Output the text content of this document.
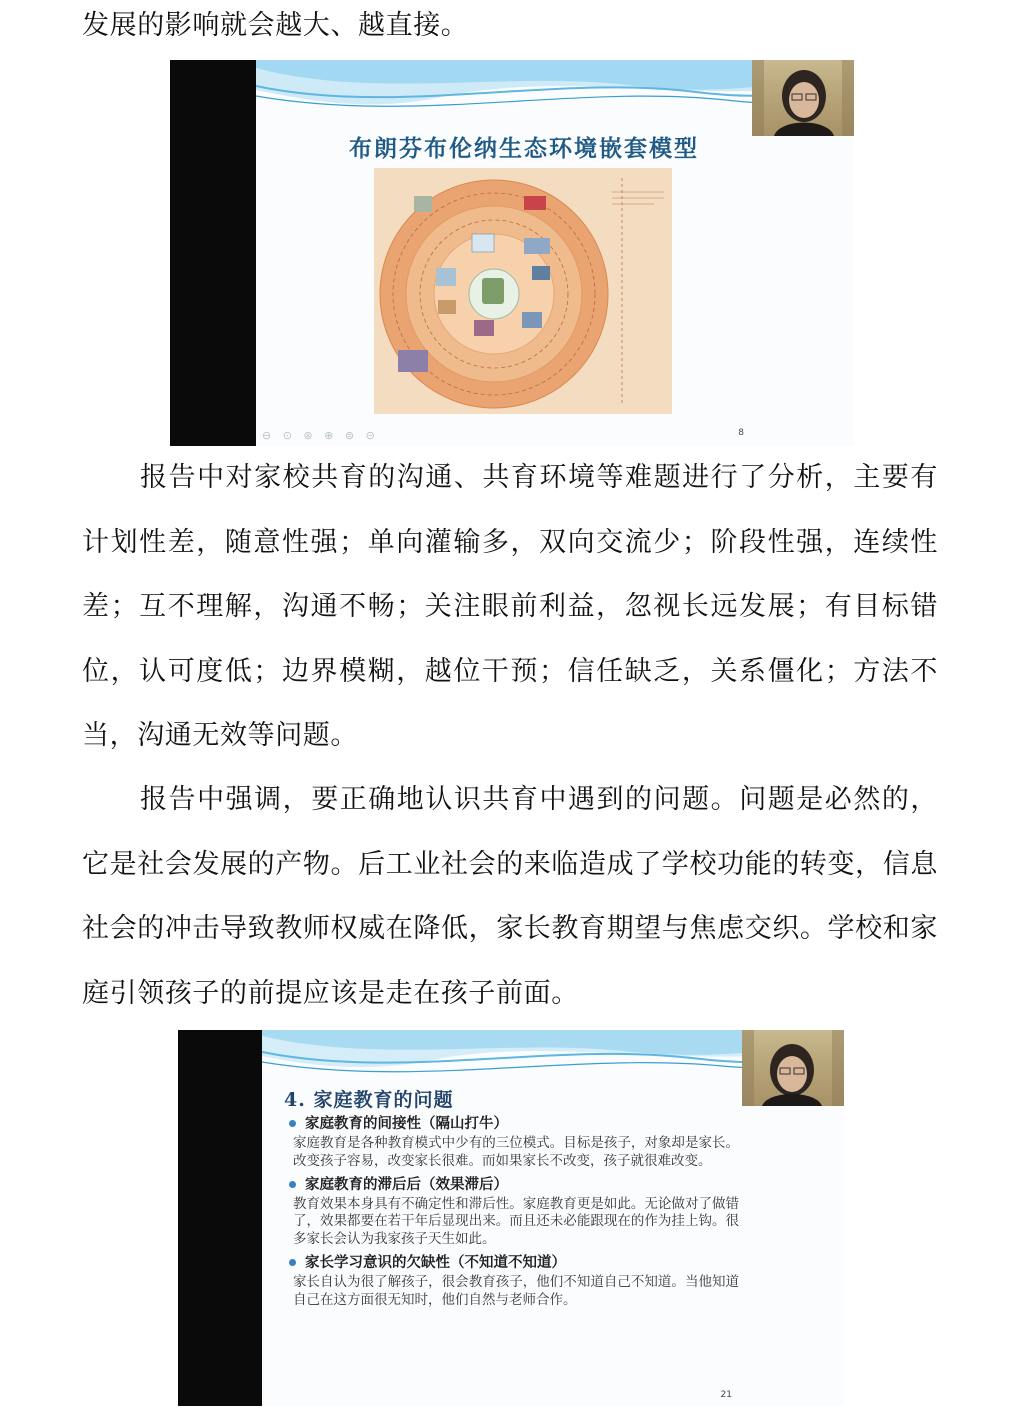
发展的影响就会越大、越直接。

布朗芬布伦纳生态环境嵌套模型
⊖ ⊙ ⊛ ⊕ ⊜ ⊝	8

报告中对家校共育的沟通、共育环境等难题进行了分析，主要有计划性差，随意性强；单向灌输多，双向交流少；阶段性强，连续性差；互不理解，沟通不畅；关注眼前利益，忽视长远发展；有目标错位，认可度低；边界模糊，越位干预；信任缺乏，关系僵化；方法不当，沟通无效等问题。

报告中强调，要正确地认识共育中遇到的问题。问题是必然的，它是社会发展的产物。后工业社会的来临造成了学校功能的转变，信息社会的冲击导致教师权威在降低，家长教育期望与焦虑交织。学校和家庭引领孩子的前提应该是走在孩子前面。

4. 家庭教育的问题
家庭教育的间接性（隔山打牛）
家庭教育是各种教育模式中少有的三位模式。目标是孩子，对象却是家长。改变孩子容易，改变家长很难。而如果家长不改变，孩子就很难改变。
家庭教育的滞后后（效果滞后）
教育效果本身具有不确定性和滞后性。家庭教育更是如此。无论做对了做错了，效果都要在若干年后显现出来。而且还未必能跟现在的作为挂上钩。很多家长会认为我家孩子天生如此。
家长学习意识的欠缺性（不知道不知道）
家长自认为很了解孩子，很会教育孩子，他们不知道自己不知道。当他知道自己在这方面很无知时，他们自然与老师合作。
21
